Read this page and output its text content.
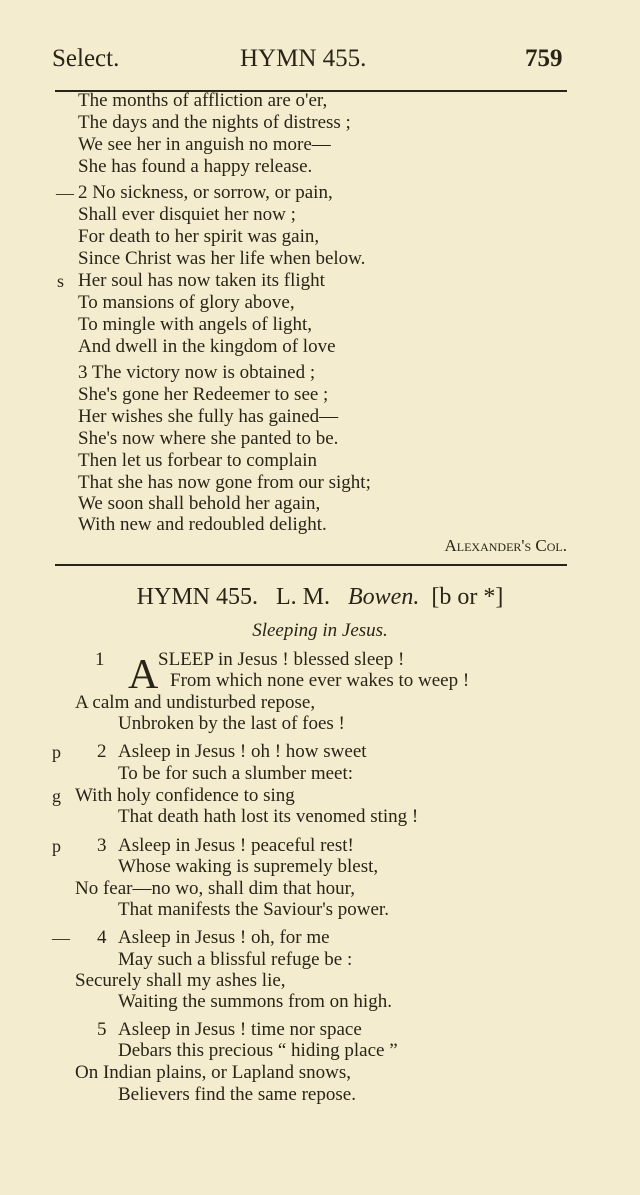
Select.	HYMN 455.	759
The months of affliction are o'er,
The days and the nights of distress ;
We see her in anguish no more—
She has found a happy release.
— 2 No sickness, or sorrow, or pain,
Shall ever disquiet her now ;
For death to her spirit was gain,
Since Christ was her life when below.
s Her soul has now taken its flight
To mansions of glory above,
To mingle with angels of light,
And dwell in the kingdom of love
3 The victory now is obtained ;
She's gone her Redeemer to see ;
Her wishes she fully has gained—
She's now where she panted to be.
Then let us forbear to complain
That she has now gone from our sight;
We soon shall behold her again,
With new and redoubled delight.
Alexander's Col.
HYMN 455. L. M. Bowen. [b or *]
Sleeping in Jesus.
1 A SLEEP in Jesus ! blessed sleep !
From which none ever wakes to weep !
A calm and undisturbed repose,
Unbroken by the last of foes !
p 2 Asleep in Jesus ! oh ! how sweet
To be for such a slumber meet:
g With holy confidence to sing
That death hath lost its venomed sting !
p 3 Asleep in Jesus ! peaceful rest!
Whose waking is supremely blest,
No fear—no wo, shall dim that hour,
That manifests the Saviour's power.
— 4 Asleep in Jesus ! oh, for me
May such a blissful refuge be :
Securely shall my ashes lie,
Waiting the summons from on high.
5 Asleep in Jesus ! time nor space
Debars this precious “ hiding place ”
On Indian plains, or Lapland snows,
Believers find the same repose.
